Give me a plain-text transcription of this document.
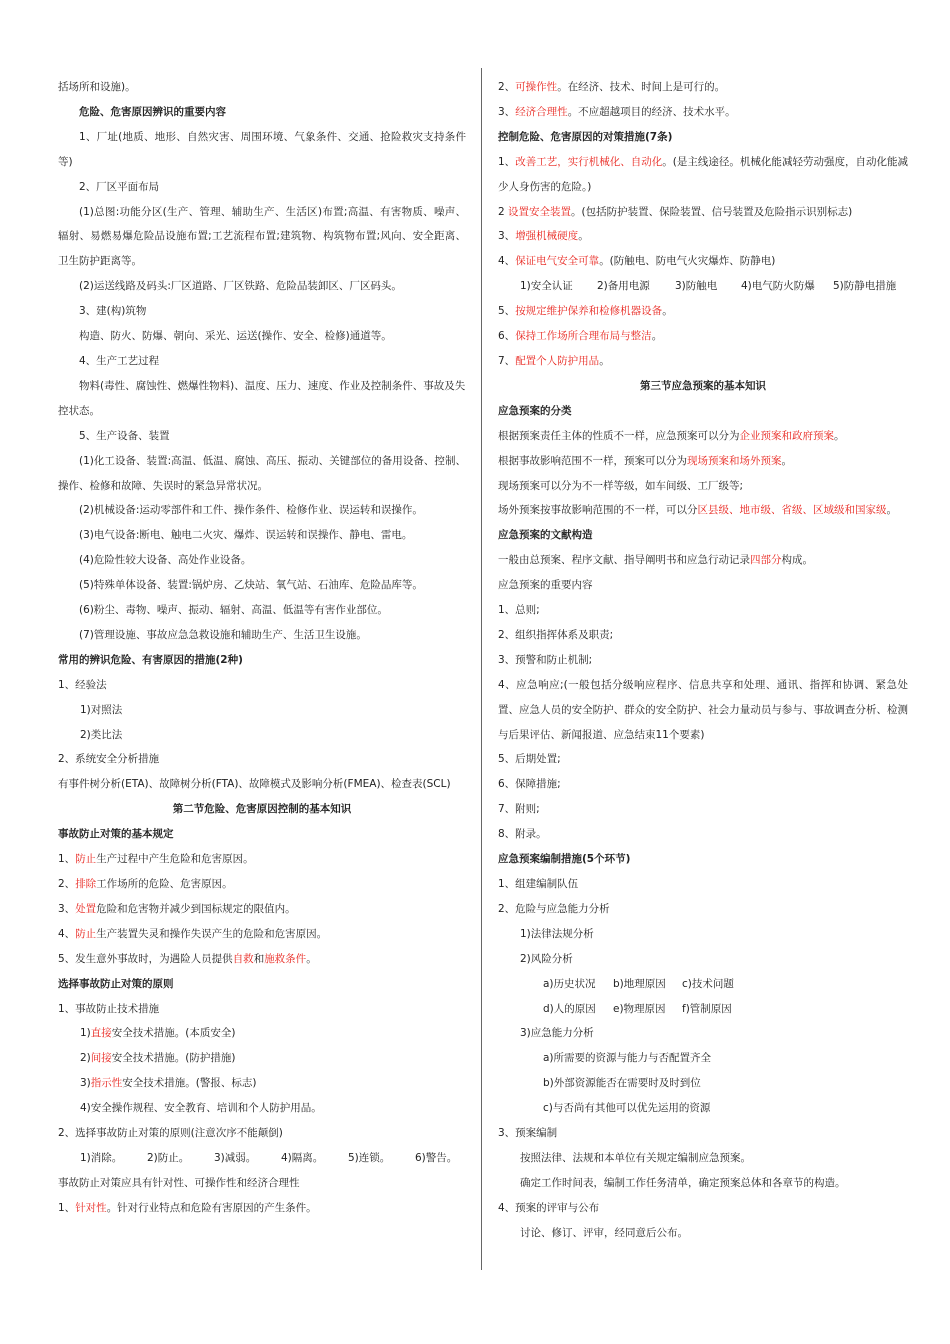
括场所和设施)。
危险、危害原因辨识的重要内容
1、厂址(地质、地形、自然灾害、周围环境、气象条件、交通、抢险救灾支持条件等)
2、厂区平面布局
(1)总图:功能分区(生产、管理、辅助生产、生活区)布置;高温、有害物质、噪声、辐射、易燃易爆危险品设施布置;工艺流程布置;建筑物、构筑物布置;风向、安全距离、卫生防护距离等。
(2)运送线路及码头:厂区道路、厂区铁路、危险品装卸区、厂区码头。
3、建(构)筑物
构造、防火、防爆、朝向、采光、运送(操作、安全、检修)通道等。
4、生产工艺过程
物料(毒性、腐蚀性、燃爆性物料)、温度、压力、速度、作业及控制条件、事故及失
控状态。
5、生产设备、装置
(1)化工设备、装置:高温、低温、腐蚀、高压、振动、关键部位的备用设备、控制、操作、检修和故障、失误时的紧急异常状况。
(2)机械设备:运动零部件和工件、操作条件、检修作业、误运转和误操作。
(3)电气设备:断电、触电二火灾、爆炸、误运转和误操作、静电、雷电。
(4)危险性较大设备、高处作业设备。
(5)特殊单体设备、装置:锅炉房、乙炔站、氧气站、石油库、危险品库等。
(6)粉尘、毒物、噪声、振动、辐射、高温、低温等有害作业部位。
(7)管理设施、事故应急急救设施和辅助生产、生活卫生设施。
常用的辨识危险、有害原因的措施(2种)
1、经验法
1)对照法
2)类比法
2、系统安全分析措施
有事件树分析(ETA)、故障树分析(FTA)、故障模式及影响分析(FMEA)、检查表(SCL)
第二节危险、危害原因控制的基本知识
事故防止对策的基本规定
1、防止生产过程中产生危险和危害原因。
2、排除工作场所的危险、危害原因。
3、处置危险和危害物并减少到国标规定的限值内。
4、防止生产装置失灵和操作失误产生的危险和危害原因。
5、发生意外事故时，为遇险人员提供自救和施救条件。
选择事故防止对策的原则
1、事故防止技术措施
1)直接安全技术措施。(本质安全)
2)间接安全技术措施。(防护措施)
3)指示性安全技术措施。(警报、标志)
4)安全操作规程、安全教育、培训和个人防护用品。
2、选择事故防止对策的原则(注意次序不能颠倒)
1)消除。	2)防止。	3)减弱。	4)隔离。	5)连锁。	6)警告。
事故防止对策应具有针对性、可操作性和经济合理性
1、针对性。针对行业特点和危险有害原因的产生条件。
2、可操作性。在经济、技术、时间上是可行的。
3、经济合理性。不应超越项目的经济、技术水平。
控制危险、危害原因的对策措施(7条)
1、改善工艺，实行机械化、自动化。(是主线途径。机械化能减轻劳动强度，自动化能减少人身伤害的危险。)
2 设置安全装置。(包括防护装置、保险装置、信号装置及危险指示识别标志)
3、增强机械硬度。
4、保证电气安全可靠。(防触电、防电气火灾爆炸、防静电)
1)安全认证	2)备用电源	3)防触电	4)电气防火防爆	5)防静电措施
5、按规定维护保养和检修机器设备。
6、保持工作场所合理布局与整洁。
7、配置个人防护用品。
第三节应急预案的基本知识
应急预案的分类
根据预案责任主体的性质不一样，应急预案可以分为企业预案和政府预案。
根据事故影响范围不一样，预案可以分为现场预案和场外预案。
现场预案可以分为不一样等级，如车间级、工厂级等;
场外预案按事故影响范围的不一样，可以分区县级、地市级、省级、区域级和国家级。
应急预案的文献构造
一般由总预案、程序文献、指导阐明书和应急行动记录四部分构成。
应急预案的重要内容
1、总则;
2、组织指挥体系及职责;
3、预警和防止机制;
4、应急响应;(一般包括分级响应程序、信息共享和处理、通讯、指挥和协调、紧急处置、应急人员的安全防护、群众的安全防护、社会力量动员与参与、事故调查分析、检测与后果评估、新闻报道、应急结束11个要素)
5、后期处置;
6、保障措施;
7、附则;
8、附录。
应急预案编制措施(5个环节)
1、组建编制队伍
2、危险与应急能力分析
1)法律法规分析
2)风险分析
a)历史状况	b)地理原因	c)技术问题
d)人的原因	e)物理原因	f)管制原因
3)应急能力分析
a)所需要的资源与能力与否配置齐全
b)外部资源能否在需要时及时到位
c)与否尚有其他可以优先运用的资源
3、预案编制
按照法律、法规和本单位有关规定编制应急预案。
确定工作时间表，编制工作任务清单，确定预案总体和各章节的构造。
4、预案的评审与公布
讨论、修订、评审，经同意后公布。
